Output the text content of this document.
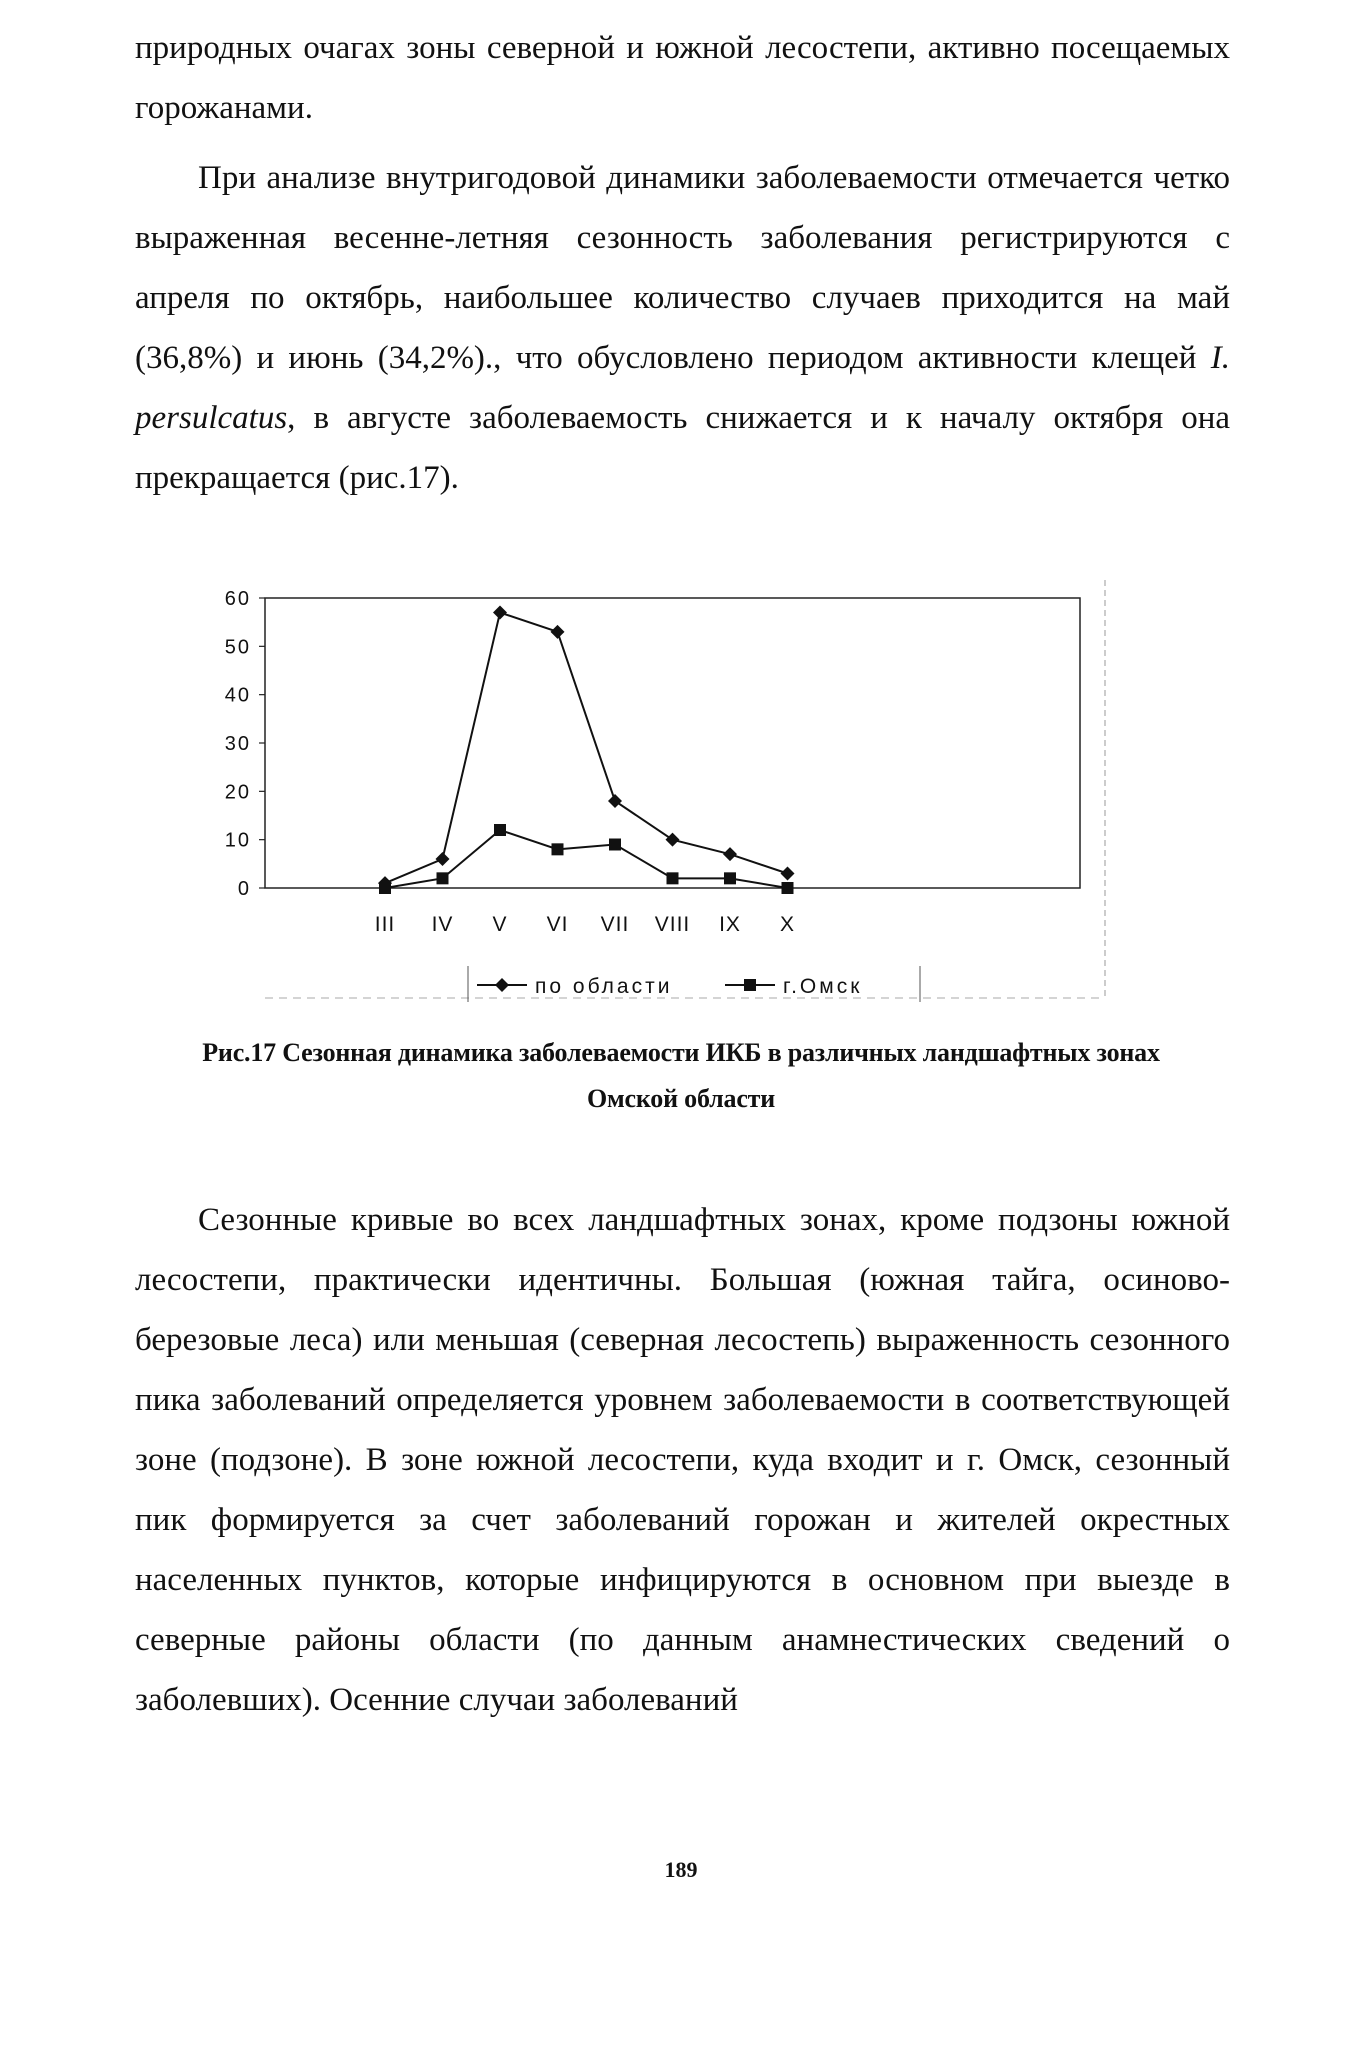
природных очагах зоны северной и южной лесостепи, активно посещаемых горожанами.

При анализе внутригодовой динамики заболеваемости отмечается четко выраженная весенне-летняя сезонность заболевания регистрируются с апреля по октябрь, наибольшее количество случаев приходится на май (36,8%) и июнь (34,2%)., что обусловлено периодом активности клещей I. persulcatus, в августе заболеваемость снижается и к началу октября она прекращается (рис.17).

60
50
40
30
20
10
0
III IV V VI VII VIII IX X
по области	г.Омск
Рис.17 Сезонная динамика заболеваемости ИКБ в различных ландшафтных зонах
Омской области

Сезонные кривые во всех ландшафтных зонах, кроме подзоны южной лесостепи, практически идентичны. Большая (южная тайга, осиново-березовые леса) или меньшая (северная лесостепь) выраженность сезонного пика заболеваний определяется уровнем заболеваемости в соответствующей зоне (подзоне). В зоне южной лесостепи, куда входит и г. Омск, сезонный пик формируется за счет заболеваний горожан и жителей окрестных населенных пунктов, которые инфицируются в основном при выезде в северные районы области (по данным анамнестических сведений о заболевших). Осенние случаи заболеваний

189
